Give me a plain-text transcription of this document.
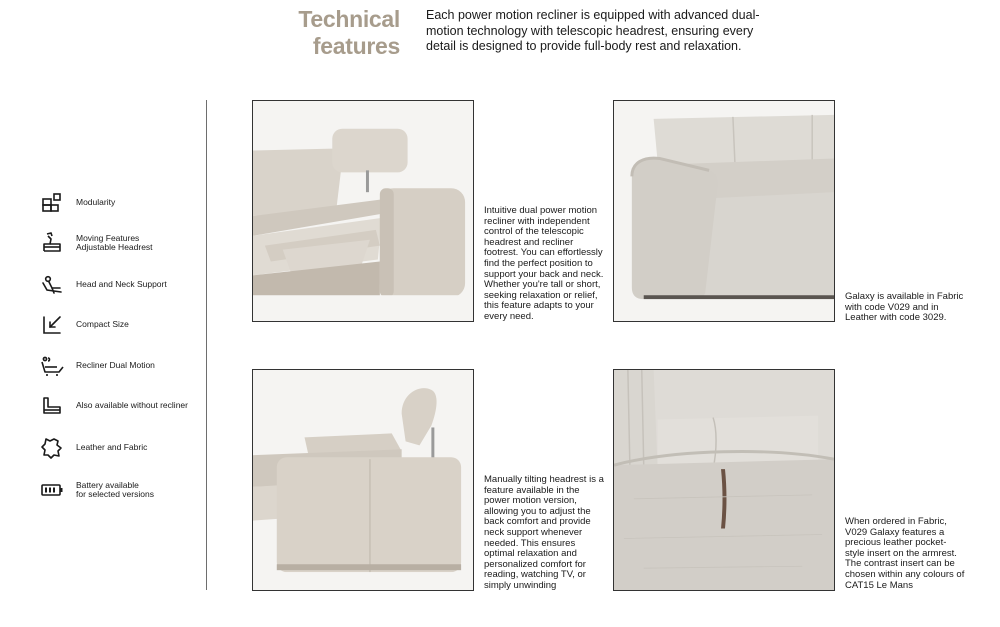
Technical
features
Each power motion recliner is equipped with advanced dual-motion technology with telescopic headrest, ensuring every detail is designed to provide full-body rest and relaxation.
Modularity
Moving Features
Adjustable Headrest
Head and Neck Support
Compact Size
Recliner Dual Motion
Also available without recliner
Leather and Fabric
Battery available
for selected versions
Intuitive dual power motion recliner with independent control of the telescopic headrest and recliner footrest. You can effortlessly find the perfect position to support your back and neck. Whether you're tall or short, seeking relaxation or relief, this feature adapts to your every need.
Galaxy is available in Fabric with code V029 and in Leather with code 3029.
Manually tilting headrest is a feature available in the power motion version, allowing you to adjust the back comfort and provide neck support whenever needed. This ensures optimal relaxation and personalized comfort for reading, watching TV, or simply unwinding
When ordered in Fabric, V029 Galaxy features a precious leather pocket-style insert on the armrest. The contrast insert can be chosen within any colours of CAT15 Le Mans
